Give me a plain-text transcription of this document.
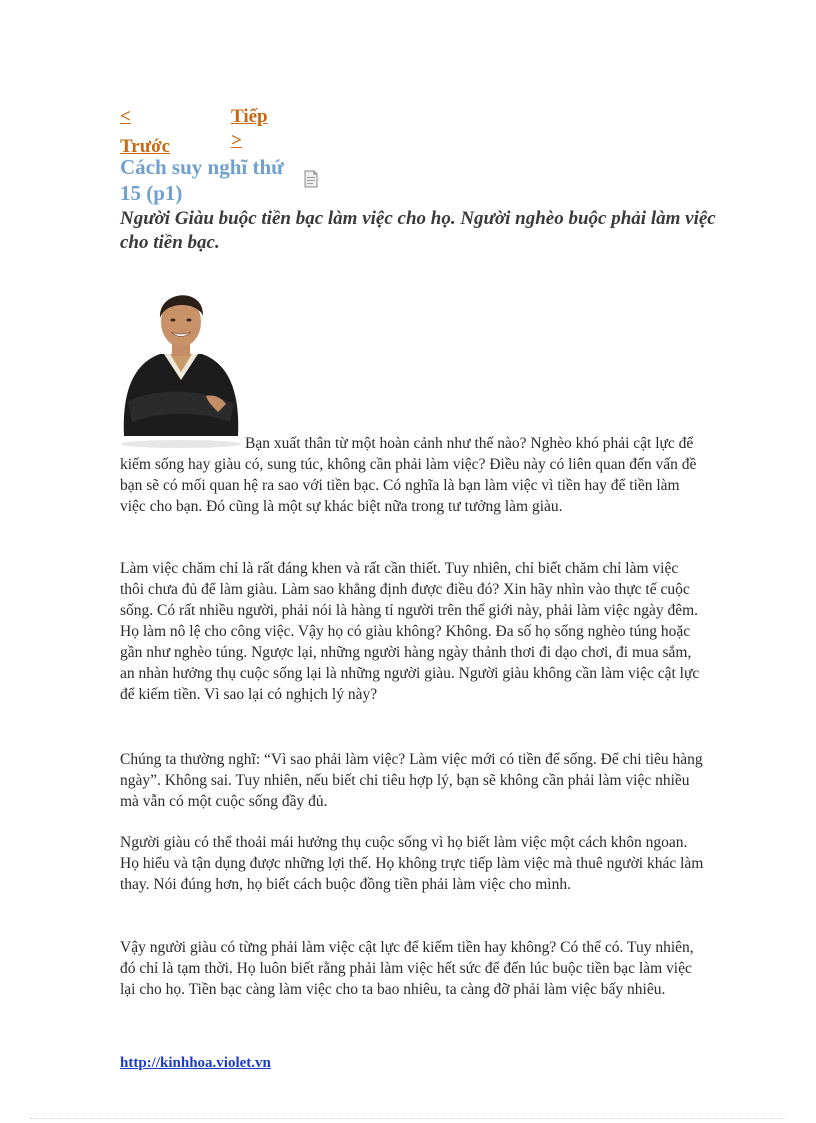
<
Trước
Tiếp
>
Cách suy nghĩ thứ
15 (p1)
Người Giàu buộc tiền bạc làm việc cho họ. Người nghèo buộc phải làm việc cho tiền bạc.

Bạn xuất thân từ một hoàn cảnh như thế nào? Nghèo khó phải cật lực để kiếm sống hay giàu có, sung túc, không cần phải làm việc? Điều này có liên quan đến vấn đề bạn sẽ có mối quan hệ ra sao với tiền bạc. Có nghĩa là bạn làm việc vì tiền hay để tiền làm việc cho bạn. Đó cũng là một sự khác biệt nữa trong tư tưởng làm giàu.

Làm việc chăm chỉ là rất đáng khen và rất cần thiết. Tuy nhiên, chỉ biết chăm chỉ làm việc thôi chưa đủ để làm giàu. Làm sao khẳng định được điều đó? Xin hãy nhìn vào thực tế cuộc sống. Có rất nhiều người, phải nói là hàng tỉ người trên thế giới này, phải làm việc ngày đêm. Họ làm nô lệ cho công việc. Vậy họ có giàu không? Không. Đa số họ sống nghèo túng hoặc gần như nghèo túng. Ngược lại, những người hàng ngày thảnh thơi đi dạo chơi, đi mua sắm, an nhàn hưởng thụ cuộc sống lại là những người giàu. Người giàu không cần làm việc cật lực để kiếm tiền. Vì sao lại có nghịch lý này?

Chúng ta thường nghĩ: “Vì sao phải làm việc? Làm việc mới có tiền để sống. Để chi tiêu hàng ngày”. Không sai. Tuy nhiên, nếu biết chi tiêu hợp lý, bạn sẽ không cần phải làm việc nhiều mà vẫn có một cuộc sống đầy đủ.

Người giàu có thể thoải mái hưởng thụ cuộc sống vì họ biết làm việc một cách khôn ngoan. Họ hiểu và tận dụng được những lợi thế. Họ không trực tiếp làm việc mà thuê người khác làm thay. Nói đúng hơn, họ biết cách buộc đồng tiền phải làm việc cho mình.

Vậy người giàu có từng phải làm việc cật lực để kiếm tiền hay không? Có thể có. Tuy nhiên, đó chỉ là tạm thời. Họ luôn biết rằng phải làm việc hết sức để đến lúc buộc tiền bạc làm việc lại cho họ. Tiền bạc càng làm việc cho ta bao nhiêu, ta càng đỡ phải làm việc bấy nhiêu.

http://kinhhoa.violet.vn
